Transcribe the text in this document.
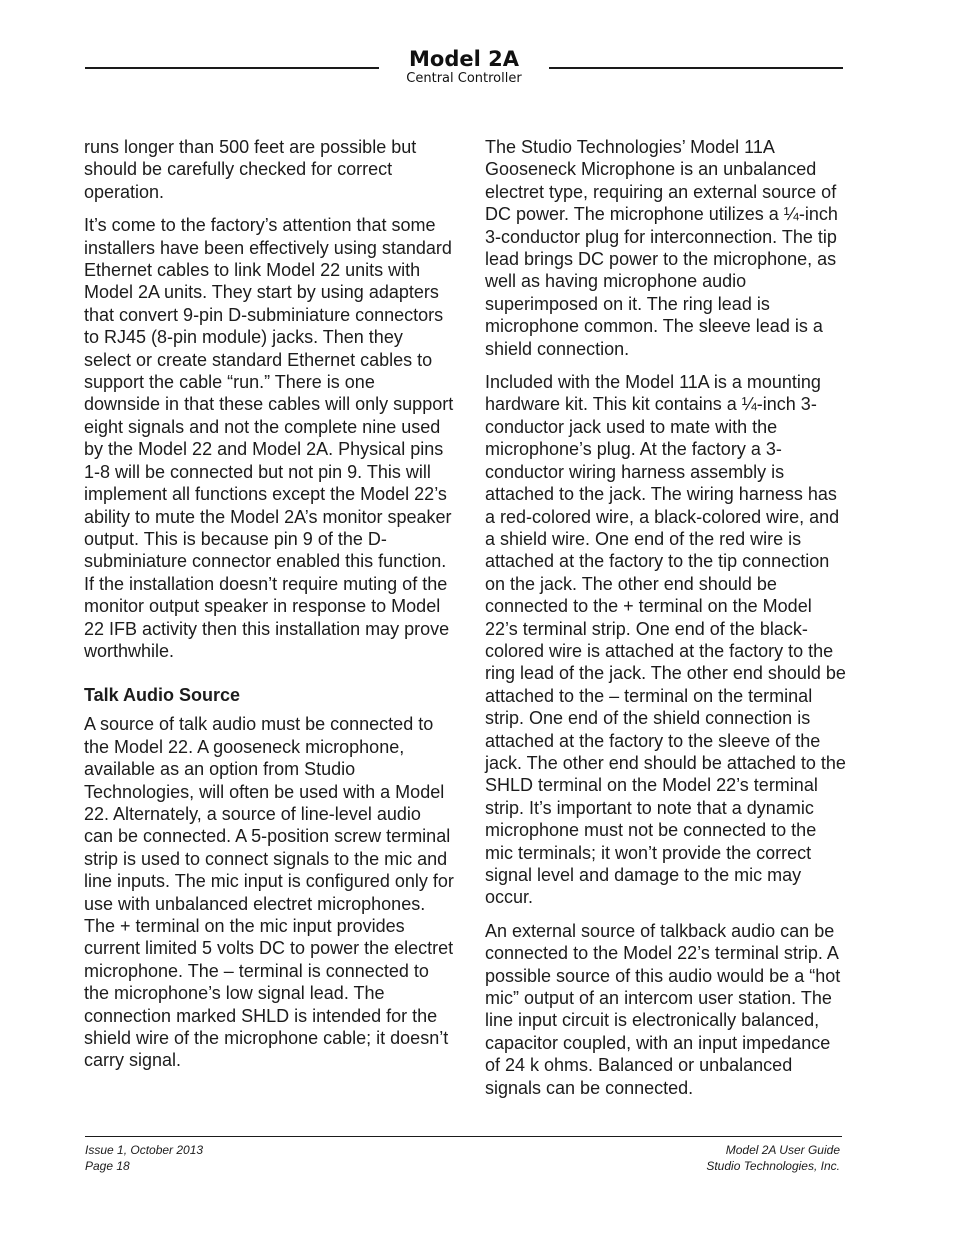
Model 2A
Central Controller

runs longer than 500 feet are possible but should be carefully checked for correct operation.

It’s come to the factory’s attention that some installers have been effectively using standard Ethernet cables to link Model 22 units with Model 2A units. They start by using adapters that convert 9-pin D-subminiature connectors to RJ45 (8-pin module) jacks. Then they select or create standard Ethernet cables to support the cable “run.” There is one downside in that these cables will only support eight signals and not the complete nine used by the Model 22 and Model 2A. Physical pins 1-8 will be connected but not pin 9. This will implement all functions except the Model 22’s ability to mute the Model 2A’s monitor speaker output. This is because pin 9 of the D-subminiature connector enabled this function. If the installation doesn’t require muting of the monitor output speaker in response to Model 22 IFB activity then this installation may prove worthwhile.

Talk Audio Source

A source of talk audio must be connected to the Model 22. A gooseneck microphone, available as an option from Studio Technologies, will often be used with a Model 22. Alternately, a source of line-level audio can be connected. A 5-position screw terminal strip is used to connect signals to the mic and line inputs. The mic input is configured only for use with unbalanced electret microphones. The + terminal on the mic input provides current limited 5 volts DC to power the electret microphone. The – terminal is connected to the microphone’s low signal lead. The connection marked SHLD is intended for the shield wire of the microphone cable; it doesn’t carry signal.

The Studio Technologies’ Model 11A Gooseneck Microphone is an unbalanced electret type, requiring an external source of DC power. The microphone utilizes a ¼-inch 3-conductor plug for interconnection. The tip lead brings DC power to the microphone, as well as having microphone audio superimposed on it. The ring lead is microphone common. The sleeve lead is a shield connection.

Included with the Model 11A is a mounting hardware kit. This kit contains a ¼-inch 3-conductor jack used to mate with the microphone’s plug. At the factory a 3-conductor wiring harness assembly is attached to the jack. The wiring harness has a red-colored wire, a black-colored wire, and a shield wire. One end of the red wire is attached at the factory to the tip connection on the jack. The other end should be connected to the + terminal on the Model 22’s terminal strip. One end of the black-colored wire is attached at the factory to the ring lead of the jack. The other end should be attached to the – terminal on the terminal strip. One end of the shield connection is attached at the factory to the sleeve of the jack. The other end should be attached to the SHLD terminal on the Model 22’s terminal strip. It’s important to note that a dynamic microphone must not be connected to the mic terminals; it won’t provide the correct signal level and damage to the mic may occur.

An external source of talkback audio can be connected to the Model 22’s terminal strip. A possible source of this audio would be a “hot mic” output of an intercom user station. The line input circuit is electronically balanced, capacitor coupled, with an input impedance of 24 k ohms. Balanced or unbalanced signals can be connected.

Issue 1, October 2013
Page 18
Model 2A User Guide
Studio Technologies, Inc.
